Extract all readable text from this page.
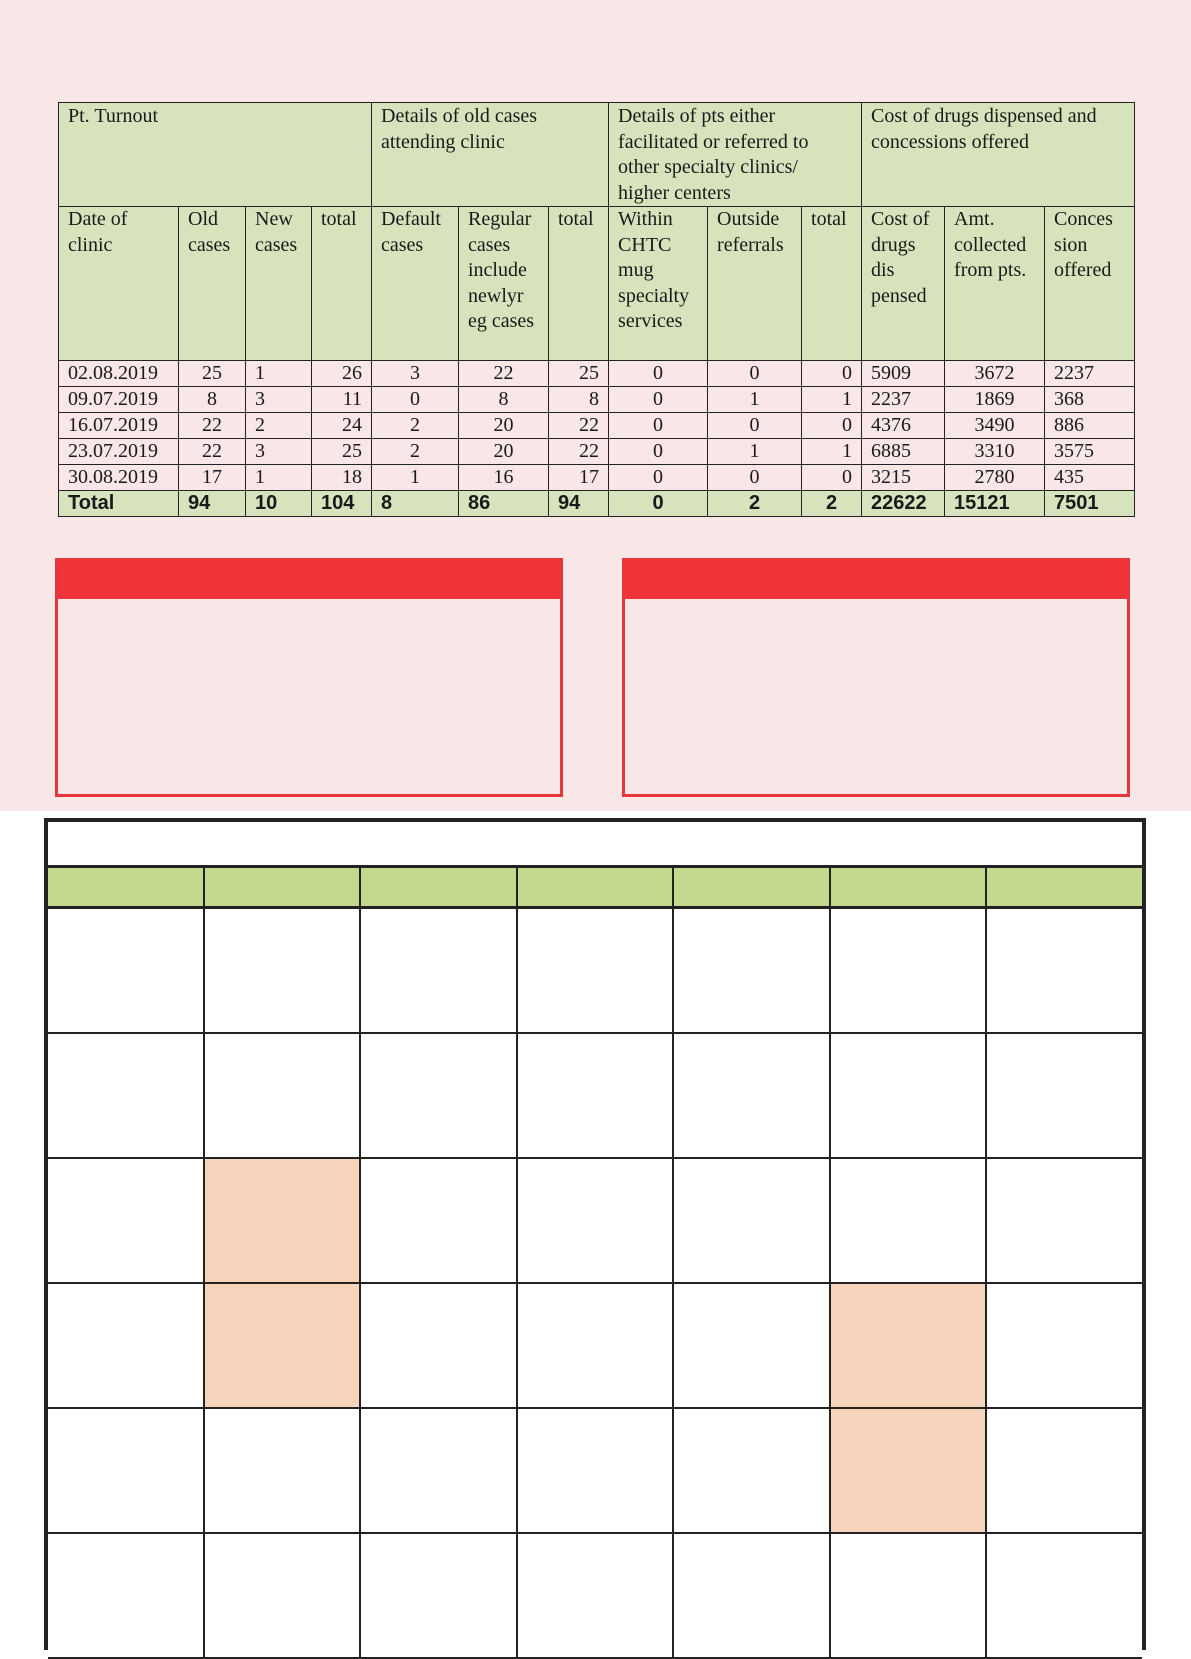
Pt. Turnout				Details of old cases attending clinic			Details of pts either facilitated or referred to other specialty clinics/ higher centers			Cost of drugs dispensed and concessions offered		
Date of clinic	Old cases	New cases	total	Default cases	Regular cases include newlyr eg cases	total	Within CHTC mug specialty services	Outside referrals	total	Cost of drugs dis pensed	Amt. collected from pts.	Conces sion offered
02.08.2019	25	1	26	3	22	25	0	0	0	5909	3672	2237
09.07.2019	8	3	11	0	8	8	0	1	1	2237	1869	368
16.07.2019	22	2	24	2	20	22	0	0	0	4376	3490	886
23.07.2019	22	3	25	2	20	22	0	1	1	6885	3310	3575
30.08.2019	17	1	18	1	16	17	0	0	0	3215	2780	435
Total	94	10	104	8	86	94	0	2	2	22622	15121	7501
